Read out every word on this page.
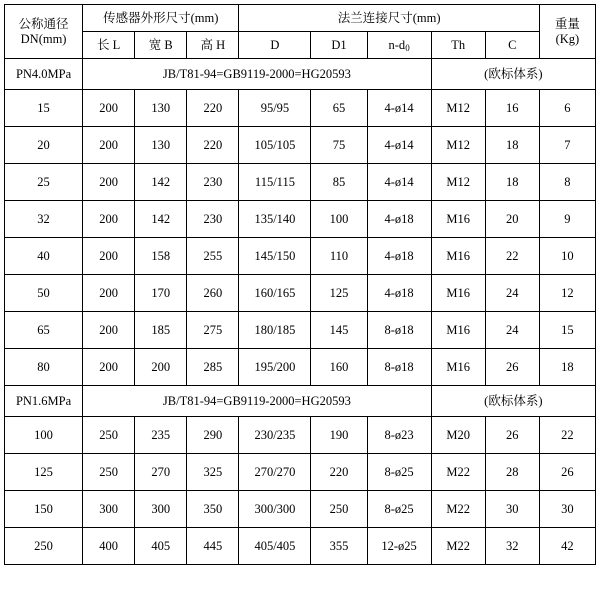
公称通径
DN(mm)	传感器外形尺寸(mm)			法兰连接尺寸(mm)					重量
(Kg)

	长 L	宽 B	高 H	D	D1	$n-d_0$	Th	C	
PN4.0MPa	JB/T81-94=GB9119-2000=HG20593						(欧标体系)		
15	200	130	220	95/95	65	4-ø14	M12	16	6
20	200	130	220	105/105	75	4-ø14	M12	18	7
25	200	142	230	115/115	85	4-ø14	M12	18	8
32	200	142	230	135/140	100	4-ø18	M16	20	9
40	200	158	255	145/150	110	4-ø18	M16	22	10
50	200	170	260	160/165	125	4-ø18	M16	24	12
65	200	185	275	180/185	145	8-ø18	M16	24	15
80	200	200	285	195/200	160	8-ø18	M16	26	18
PN1.6MPa	JB/T81-94=GB9119-2000=HG20593						(欧标体系)		
100	250	235	290	230/235	190	8-ø23	M20	26	22
125	250	270	325	270/270	220	8-ø25	M22	28	26
150	300	300	350	300/300	250	8-ø25	M22	30	30
250	400	405	445	405/405	355	12-ø25	M22	32	42
